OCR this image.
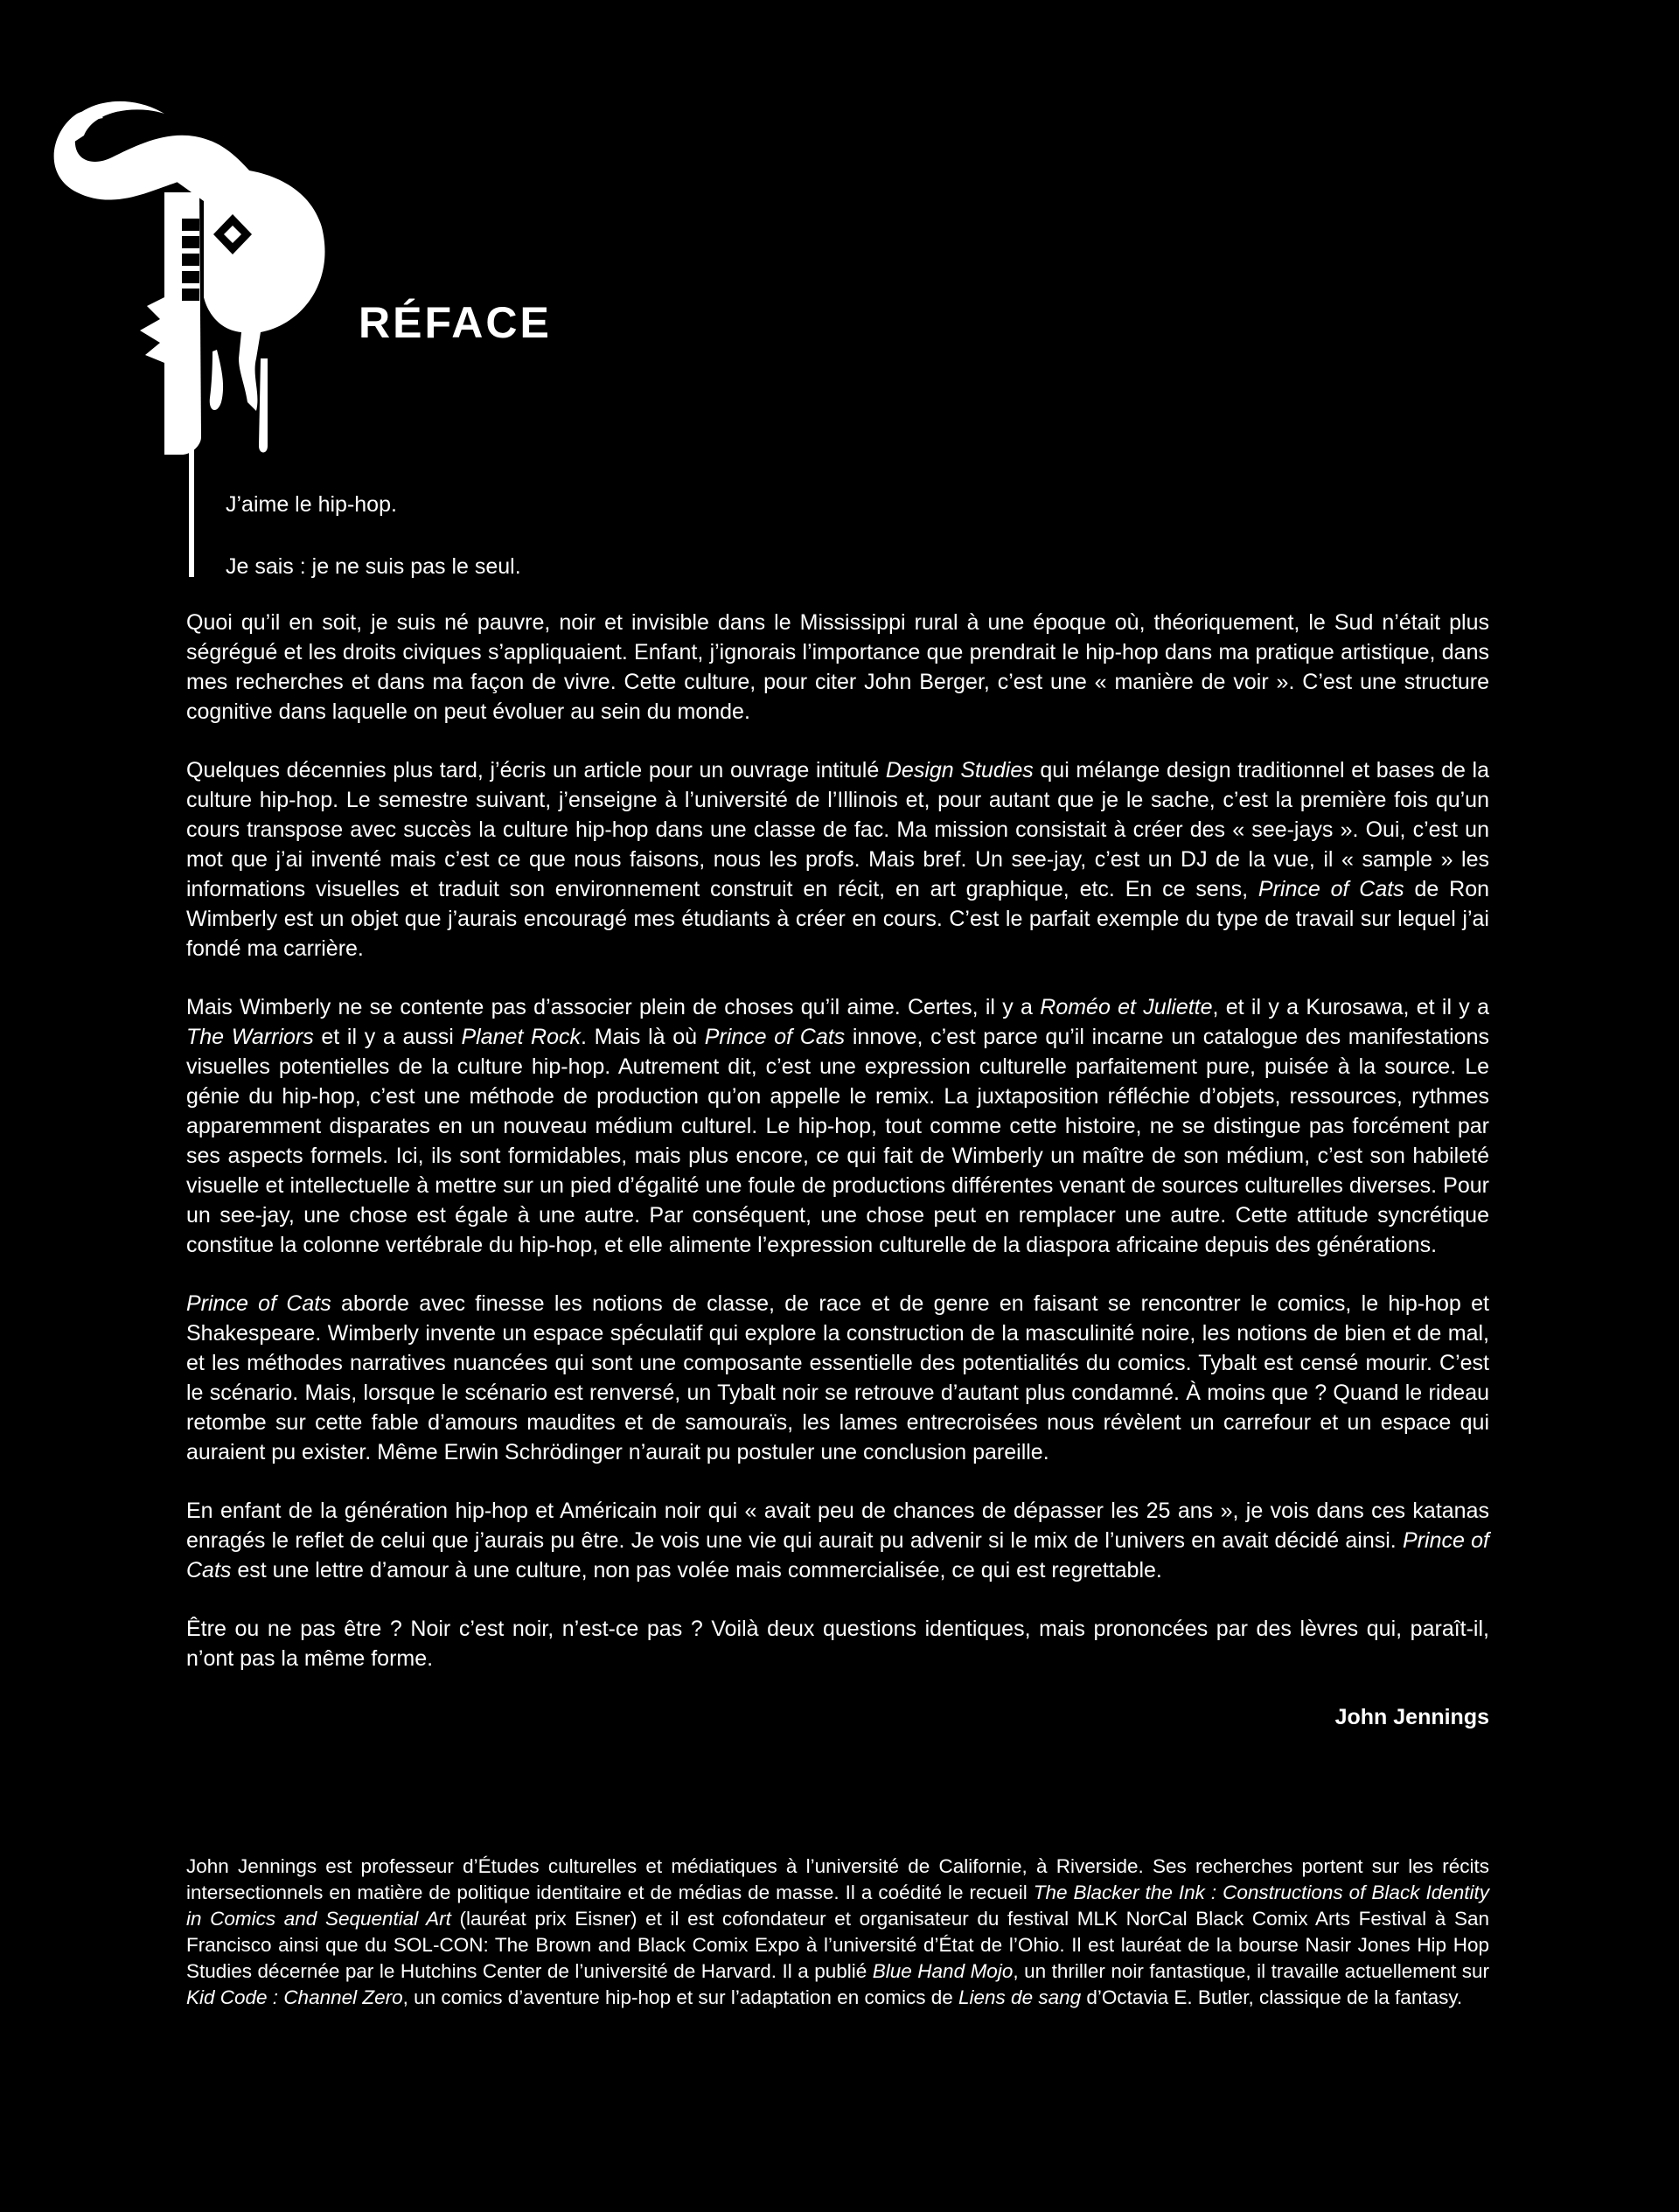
RÉFACE

J’aime le hip-hop.

Je sais : je ne suis pas le seul.

Quoi qu’il en soit, je suis né pauvre, noir et invisible dans le Mississippi rural à une époque où, théoriquement, le Sud n’était plus ségrégué et les droits civiques s’appliquaient. Enfant, j’ignorais l’importance que prendrait le hip-hop dans ma pratique artistique, dans mes recherches et dans ma façon de vivre. Cette culture, pour citer John Berger, c’est une « manière de voir ». C’est une structure cognitive dans laquelle on peut évoluer au sein du monde.

Quelques décennies plus tard, j’écris un article pour un ouvrage intitulé Design Studies qui mélange design traditionnel et bases de la culture hip-hop. Le semestre suivant, j’enseigne à l’université de l’Illinois et, pour autant que je le sache, c’est la première fois qu’un cours transpose avec succès la culture hip-hop dans une classe de fac. Ma mission consistait à créer des « see-jays ». Oui, c’est un mot que j’ai inventé mais c’est ce que nous faisons, nous les profs. Mais bref. Un see-jay, c’est un DJ de la vue, il « sample » les informations visuelles et traduit son environnement construit en récit, en art graphique, etc. En ce sens, Prince of Cats de Ron Wimberly est un objet que j’aurais encouragé mes étudiants à créer en cours. C’est le parfait exemple du type de travail sur lequel j’ai fondé ma carrière.

Mais Wimberly ne se contente pas d’associer plein de choses qu’il aime. Certes, il y a Roméo et Juliette, et il y a Kurosawa, et il y a The Warriors et il y a aussi Planet Rock. Mais là où Prince of Cats innove, c’est parce qu’il incarne un catalogue des manifestations visuelles potentielles de la culture hip-hop. Autrement dit, c’est une expression culturelle parfaitement pure, puisée à la source. Le génie du hip-hop, c’est une méthode de production qu’on appelle le remix. La juxtaposition réfléchie d’objets, ressources, rythmes apparemment disparates en un nouveau médium culturel. Le hip-hop, tout comme cette histoire, ne se distingue pas forcément par ses aspects formels. Ici, ils sont formidables, mais plus encore, ce qui fait de Wimberly un maître de son médium, c’est son habileté visuelle et intellectuelle à mettre sur un pied d’égalité une foule de productions différentes venant de sources culturelles diverses. Pour un see-jay, une chose est égale à une autre. Par conséquent, une chose peut en remplacer une autre. Cette attitude syncrétique constitue la colonne vertébrale du hip-hop, et elle alimente l’expression culturelle de la diaspora africaine depuis des générations.

Prince of Cats aborde avec finesse les notions de classe, de race et de genre en faisant se rencontrer le comics, le hip-hop et Shakespeare. Wimberly invente un espace spéculatif qui explore la construction de la masculinité noire, les notions de bien et de mal, et les méthodes narratives nuancées qui sont une composante essentielle des potentialités du comics. Tybalt est censé mourir. C’est le scénario. Mais, lorsque le scénario est renversé, un Tybalt noir se retrouve d’autant plus condamné. À moins que ? Quand le rideau retombe sur cette fable d’amours maudites et de samouraïs, les lames entrecroisées nous révèlent un carrefour et un espace qui auraient pu exister. Même Erwin Schrödinger n’aurait pu postuler une conclusion pareille.

En enfant de la génération hip-hop et Américain noir qui « avait peu de chances de dépasser les 25 ans », je vois dans ces katanas enragés le reflet de celui que j’aurais pu être. Je vois une vie qui aurait pu advenir si le mix de l’univers en avait décidé ainsi. Prince of Cats est une lettre d’amour à une culture, non pas volée mais commercialisée, ce qui est regrettable.

Être ou ne pas être ? Noir c’est noir, n’est-ce pas ? Voilà deux questions identiques, mais prononcées par des lèvres qui, paraît-il, n’ont pas la même forme.

John Jennings

John Jennings est professeur d’Études culturelles et médiatiques à l’université de Californie, à Riverside. Ses recherches portent sur les récits intersectionnels en matière de politique identitaire et de médias de masse. Il a coédité le recueil The Blacker the Ink : Constructions of Black Identity in Comics and Sequential Art (lauréat prix Eisner) et il est cofondateur et organisateur du festival MLK NorCal Black Comix Arts Festival à San Francisco ainsi que du SOL-CON: The Brown and Black Comix Expo à l’université d’État de l’Ohio. Il est lauréat de la bourse Nasir Jones Hip Hop Studies décernée par le Hutchins Center de l’université de Harvard. Il a publié Blue Hand Mojo, un thriller noir fantastique, il travaille actuellement sur Kid Code : Channel Zero, un comics d’aventure hip-hop et sur l’adaptation en comics de Liens de sang d’Octavia E. Butler, classique de la fantasy.
